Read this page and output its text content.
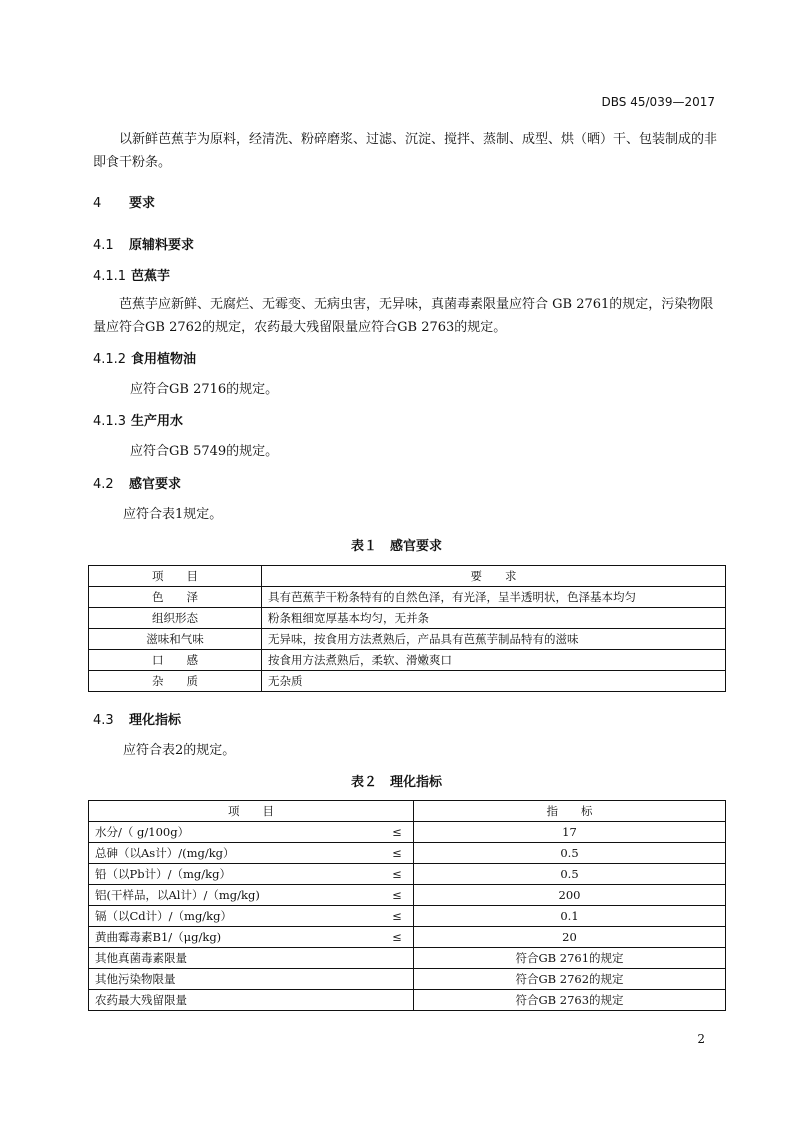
DBS 45/039—2017
以新鲜芭蕉芋为原料，经清洗、粉碎磨浆、过滤、沉淀、搅拌、蒸制、成型、烘（晒）干、包装制成的非即食干粉条。
4 要求
4.1 原辅料要求
4.1.1 芭蕉芋
芭蕉芋应新鲜、无腐烂、无霉变、无病虫害，无异味，真菌毒素限量应符合 GB 2761的规定，污染物限量应符合GB 2762的规定，农药最大残留限量应符合GB 2763的规定。
4.1.2 食用植物油
应符合GB 2716的规定。
4.1.3 生产用水
应符合GB 5749的规定。
4.2 感官要求
应符合表1规定。
表１　感官要求
项　　目	要　　求
色　　泽	具有芭蕉芋干粉条特有的自然色泽，有光泽，呈半透明状，色泽基本均匀
组织形态	粉条粗细宽厚基本均匀，无并条
滋味和气味	无异味，按食用方法煮熟后，产品具有芭蕉芋制品特有的滋味
口　　感	按食用方法煮熟后，柔软、滑嫩爽口
杂　　质	无杂质
4.3 理化指标
应符合表2的规定。
表２　理化指标
项　　目		指　　标
水分/（ g/100g）	≤	17
总砷（以As计）/(mg/kg）	≤	0.5
铅（以Pb计）/（mg/kg）	≤	0.5
铝(干样品，以Al计）/（mg/kg)	≤	200
镉（以Cd计）/（mg/kg）	≤	0.1
黄曲霉毒素B1/（μg/kg)	≤	20
其他真菌毒素限量		符合GB 2761的规定
其他污染物限量		符合GB 2762的规定
农药最大残留限量		符合GB 2763的规定
2
